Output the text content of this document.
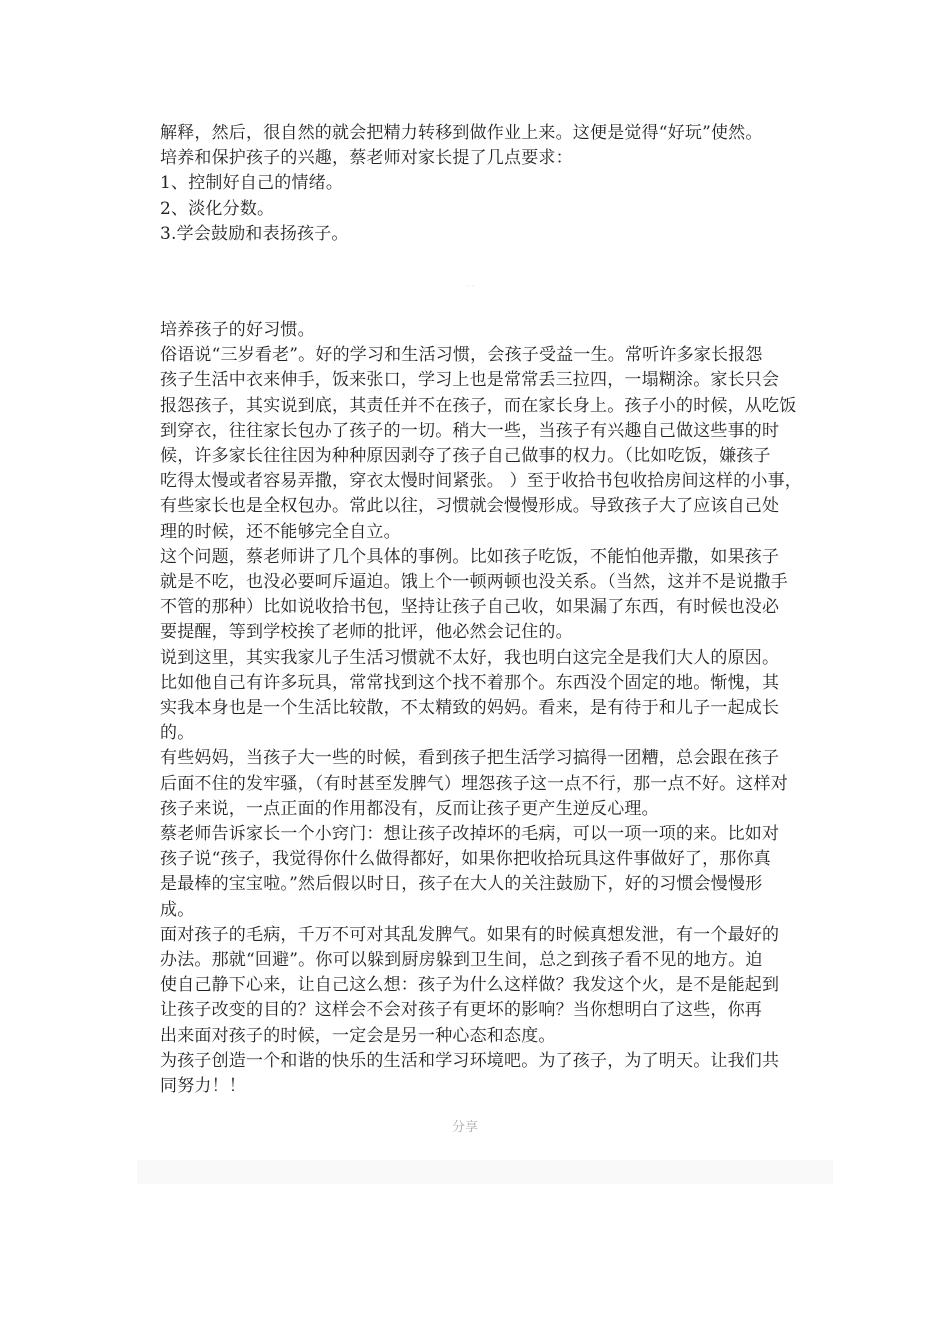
解释，然后，很自然的就会把精力转移到做作业上来。这便是觉得“好玩”使然。
培养和保护孩子的兴趣，蔡老师对家长提了几点要求：
1、控制好自己的情绪。
2、淡化分数。
3.学会鼓励和表扬孩子。
· ·
培养孩子的好习惯。
俗语说“三岁看老”。好的学习和生活习惯，会孩子受益一生。常听许多家长报怨
孩子生活中衣来伸手，饭来张口，学习上也是常常丢三拉四，一塌糊涂。家长只会
报怨孩子，其实说到底，其责任并不在孩子，而在家长身上。孩子小的时候，从吃饭
到穿衣，往往家长包办了孩子的一切。稍大一些，当孩子有兴趣自己做这些事的时
候，许多家长往往因为种种原因剥夺了孩子自己做事的权力。（比如吃饭，嫌孩子
吃得太慢或者容易弄撒，穿衣太慢时间紧张。 ）至于收拾书包收拾房间这样的小事，
有些家长也是全权包办。常此以往，习惯就会慢慢形成。导致孩子大了应该自己处
理的时候，还不能够完全自立。
这个问题，蔡老师讲了几个具体的事例。比如孩子吃饭，不能怕他弄撒，如果孩子
就是不吃，也没必要呵斥逼迫。饿上个一顿两顿也没关系。（当然，这并不是说撒手
不管的那种）比如说收拾书包，坚持让孩子自己收，如果漏了东西，有时候也没必
要提醒，等到学校挨了老师的批评，他必然会记住的。
说到这里，其实我家儿子生活习惯就不太好，我也明白这完全是我们大人的原因。
比如他自己有许多玩具，常常找到这个找不着那个。东西没个固定的地。惭愧，其
实我本身也是一个生活比较散，不太精致的妈妈。看来，是有待于和儿子一起成长
的。
有些妈妈，当孩子大一些的时候，看到孩子把生活学习搞得一团糟，总会跟在孩子
后面不住的发牢骚，（有时甚至发脾气）埋怨孩子这一点不行，那一点不好。这样对
孩子来说，一点正面的作用都没有，反而让孩子更产生逆反心理。
蔡老师告诉家长一个小窍门：想让孩子改掉坏的毛病，可以一项一项的来。比如对
孩子说“孩子，我觉得你什么做得都好，如果你把收拾玩具这件事做好了，那你真
是最棒的宝宝啦。”然后假以时日，孩子在大人的关注鼓励下，好的习惯会慢慢形
成。
面对孩子的毛病，千万不可对其乱发脾气。如果有的时候真想发泄，有一个最好的
办法。那就“回避”。你可以躲到厨房躲到卫生间，总之到孩子看不见的地方。迫
使自己静下心来，让自己这么想：孩子为什么这样做？我发这个火，是不是能起到
让孩子改变的目的？这样会不会对孩子有更坏的影响？当你想明白了这些，你再
出来面对孩子的时候，一定会是另一种心态和态度。
为孩子创造一个和谐的快乐的生活和学习环境吧。为了孩子，为了明天。让我们共
同努力！！
分享
